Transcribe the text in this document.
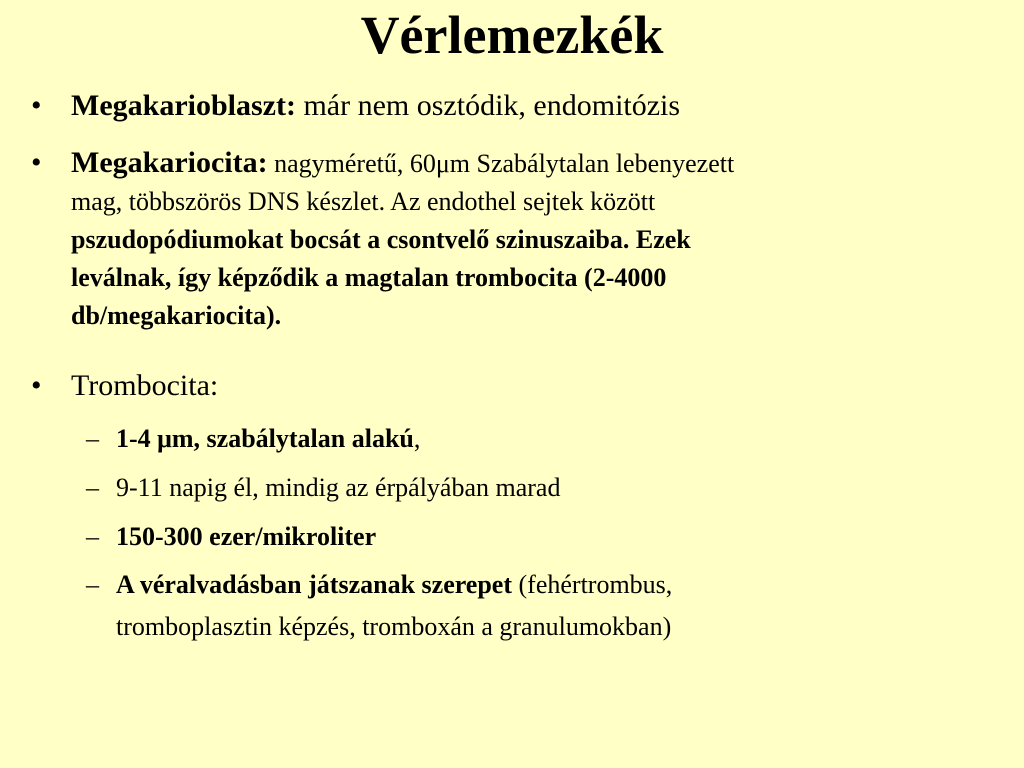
Vérlemezkék
• Megakarioblaszt: már nem osztódik, endomitózis
• Megakariocita: nagyméretű, 60μm Szabálytalan lebenyezett
mag, többszörös DNS készlet. Az endothel sejtek között
pszudopódiumokat bocsát a csontvelő szinuszaiba. Ezek
leválnak, így képződik a magtalan trombocita (2-4000
db/megakariocita).
• Trombocita:
– 1-4 μm, szabálytalan alakú,
– 9-11 napig él, mindig az érpályában marad
– 150-300 ezer/mikroliter
– A véralvadásban játszanak szerepet (fehértrombus,
tromboplasztin képzés, tromboxán a granulumokban)
